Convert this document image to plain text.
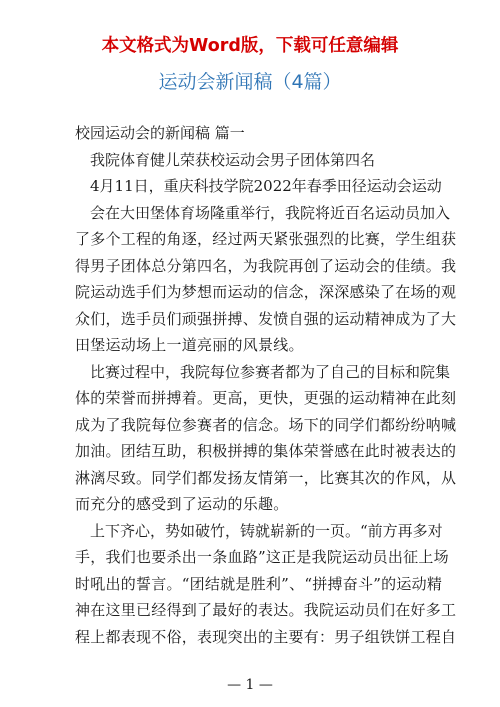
本文格式为Word版，下载可任意编辑
运动会新闻稿（4篇）

校园运动会的新闻稿 篇一

我院体育健儿荣获校运动会男子团体第四名

4月11日，重庆科技学院2022年春季田径运动会运动

会在大田堡体育场隆重举行，我院将近百名运动员加入

了多个工程的角逐，经过两天紧张强烈的比赛，学生组获

得男子团体总分第四名，为我院再创了运动会的佳绩。我

院运动选手们为梦想而运动的信念，深深感染了在场的观

众们，选手员们顽强拼搏、发愤自强的运动精神成为了大

田堡运动场上一道亮丽的风景线。

比赛过程中，我院每位参赛者都为了自己的目标和院集

体的荣誉而拼搏着。更高，更快，更强的运动精神在此刻

成为了我院每位参赛者的信念。场下的同学们都纷纷呐喊

加油。团结互助，积极拼搏的集体荣誉感在此时被表达的

淋漓尽致。同学们都发扬友情第一，比赛其次的作风，从

而充分的感受到了运动的乐趣。

上下齐心，势如破竹，铸就崭新的一页。“前方再多对

手，我们也要杀出一条血路”这正是我院运动员出征上场

时吼出的誓言。“团结就是胜利”、“拼搏奋斗”的运动精

神在这里已经得到了最好的表达。我院运动员们在好多工

程上都表现不俗，表现突出的主要有：男子组铁饼工程自

— 1 —
